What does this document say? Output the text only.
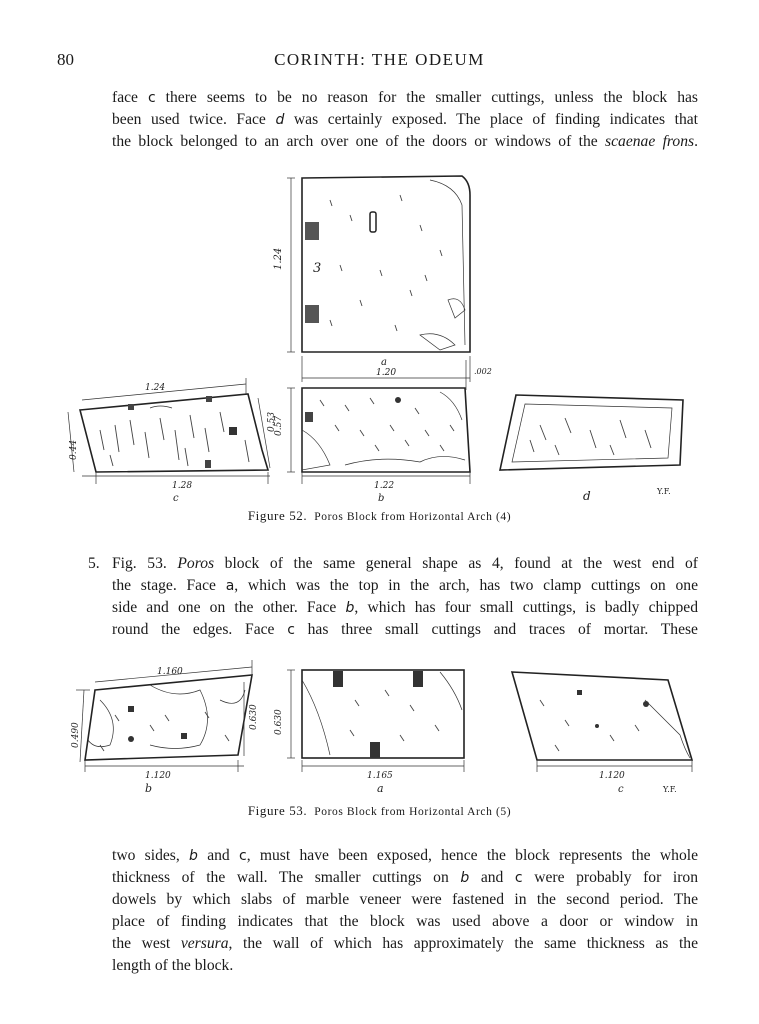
80	CORINTH: THE ODEUM
face c there seems to be no reason for the smaller cuttings, unless the block has
been used twice. Face d was certainly exposed. The place of finding indicates that
the block belonged to an arch over one of the doors or windows of the scaenae frons.
1.24 3
a
1.20	.002
1.24
0.44
0.53
1.28
c
0.57
1.22
b	d	Y.F.
Figure 52. Poros Block from Horizontal Arch (4)
5. Fig. 53. Poros block of the same general shape as 4, found at the west end of
the stage. Face a, which was the top in the arch, has two clamp cuttings on one
side and one on the other. Face b, which has four small cuttings, is badly chipped
round the edges. Face c has three small cuttings and traces of mortar. These
1.160
0.490
0.630
1.120
b
0.630
1.165
a
1.120
c	Y.F.
Figure 53. Poros Block from Horizontal Arch (5)
two sides, b and c, must have been exposed, hence the block represents the whole
thickness of the wall. The smaller cuttings on b and c were probably for iron
dowels by which slabs of marble veneer were fastened in the second period. The
place of finding indicates that the block was used above a door or window in
the west versura, the wall of which has approximately the same thickness as the
length of the block.
